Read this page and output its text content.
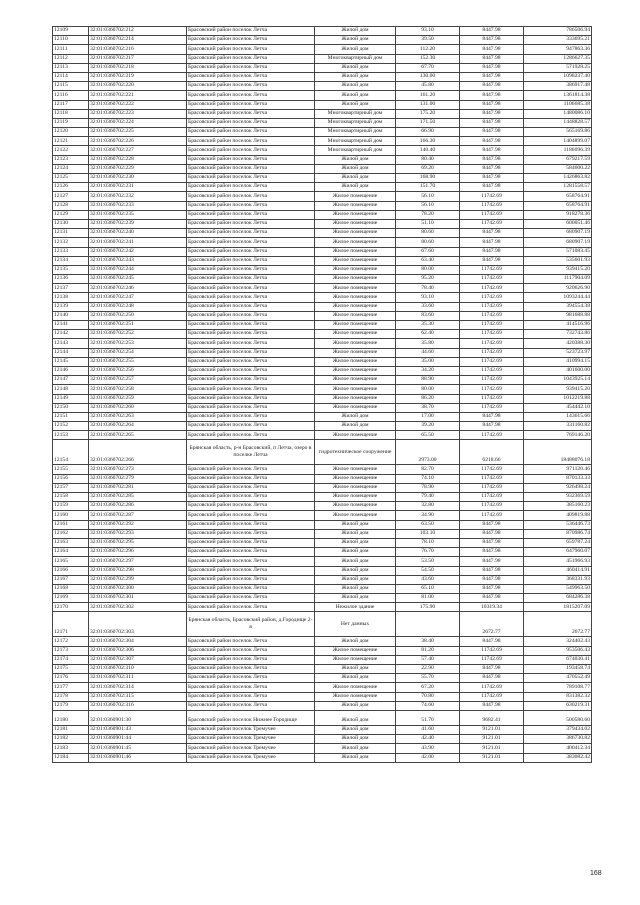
12109	32:01:0360702:212	Брасовский район поселок Летча	Жилой дом	93.10	8447.98	786506.94
12110	32:01:0360702:214	Брасовский район поселок Летча	Жилой дом	39.50	8447.98	333695.21
12111	32:01:0360702:216	Брасовский район поселок Летча	Жилой дом	112.20	8447.98	947863.36
12112	32:01:0360702:217	Брасовский район поселок Летча	Многоквартирный дом	152.30	8447.98	1286627.35
12113	32:01:0360702:218	Брасовский район поселок Летча	Жилой дом	67.70	8447.98	571928.25
12114	32:01:0360702:219	Брасовский район поселок Летча	Жилой дом	130.00	8447.98	1098237.40
12115	32:01:0360702:220	Брасовский район поселок Летча	Жилой дом	45.80	8447.98	386917.48
12116	32:01:0360702:221	Брасовский район поселок Летча	Жилой дом	161.20	8447.98	1361814.38
12117	32:01:0360702:222	Брасовский район поселок Летча	Жилой дом	131.00	8447.98	1106685.38
12118	32:01:0360702:223	Брасовский район поселок Летча	Многоквартирный дом	175.20	8447.98	1480086.10
12119	32:01:0360702:224	Брасовский район поселок Летча	Многоквартирный дом	171.50	8447.98	1448828.57
12120	32:01:0360702:225	Брасовский район поселок Летча	Многоквартирный дом	66.90	8447.98	565169.86
12121	32:01:0360702:226	Брасовский район поселок Летча	Многоквартирный дом	166.30	8447.98	1404899.07
12122	32:01:0360702:227	Брасовский район поселок Летча	Многоквартирный дом	140.40	8447.98	1186096.39
12123	32:01:0360702:228	Брасовский район поселок Летча	Жилой дом	80.40	8447.98	679217.59
12124	32:01:0360702:229	Брасовский район поселок Летча	Жилой дом	69.20	8447.98	584600.22
12125	32:01:0360702:230	Брасовский район поселок Летча	Жилой дом	168.90	8447.98	1426863.82
12126	32:01:0360702:231	Брасовский район поселок Летча	Жилой дом	151.70	8447.98	1281558.57
12127	32:01:0360702:232	Брасовский район поселок Летча	Жилое помещение	56.10	11742.69	658764.91
12128	32:01:0360702:233	Брасовский район поселок Летча	Жилое помещение	56.10	11742.69	658764.91
12129	32:01:0360702:235	Брасовский район поселок Летча	Жилое помещение	78.20	11742.69	918278.36
12130	32:01:0360702:239	Брасовский район поселок Летча	Жилое помещение	51.10	11742.69	600051.46
12131	32:01:0360702:240	Брасовский район поселок Летча	Жилое помещение	80.60	8447.98	680907.19
12132	32:01:0360702:241	Брасовский район поселок Летча	Жилое помещение	80.60	8447.98	680907.19
12133	32:01:0360702:242	Брасовский район поселок Летча	Жилое помещение	67.60	8447.98	571083.45
12134	32:01:0360702:243	Брасовский район поселок Летча	Жилое помещение	63.40	8447.98	535601.93
12135	32:01:0360702:244	Брасовский район поселок Летча	Жилое помещение	80.00	11742.69	939415.20
12136	32:01:0360702:245	Брасовский район поселок Летча	Жилое помещение	95.20	11742.69	1117904.09
12137	32:01:0360702:246	Брасовский район поселок Летча	Жилое помещение	78.40	11742.69	920626.90
12138	32:01:0360702:247	Брасовский район поселок Летча	Жилое помещение	93.10	11742.69	1093244.44
12139	32:01:0360702:248	Брасовский район поселок Летча	Жилое помещение	33.60	11742.69	394554.38
12140	32:01:0360702:250	Брасовский район поселок Летча	Жилое помещение	83.60	11742.69	981688.88
12141	32:01:0360702:251	Брасовский район поселок Летча	Жилое помещение	35.30	11742.69	414516.96
12142	32:01:0360702:252	Брасовский район поселок Летча	Жилое помещение	62.40	11742.69	732743.86
12143	32:01:0360702:253	Брасовский район поселок Летча	Жилое помещение	35.80	11742.69	420388.30
12144	32:01:0360702:254	Брасовский район поселок Летча	Жилое помещение	44.60	11742.69	523723.97
12145	32:01:0360702:255	Брасовский район поселок Летча	Жилое помещение	35.00	11742.69	410994.15
12146	32:01:0360702:256	Брасовский район поселок Летча	Жилое помещение	34.20	11742.69	401600.00
12147	32:01:0360702:257	Брасовский район поселок Летча	Жилое помещение	88.90	11742.69	1043925.14
12148	32:01:0360702:258	Брасовский район поселок Летча	Жилое помещение	80.00	11742.69	939415.20
12149	32:01:0360702:259	Брасовский район поселок Летча	Жилое помещение	86.20	11742.69	1012219.88
12150	32:01:0360702:260	Брасовский район поселок Летча	Жилое помещение	38.70	11742.69	454442.10
12151	32:01:0360702:263	Брасовский район поселок Летча	Жилой дом	17.00	8447.98	143615.66
12152	32:01:0360702:264	Брасовский район поселок Летча	Жилой дом	39.20	8447.98	331160.82
12153	32:01:0360702:265	Брасовский район поселок Летча	Жилое помещение	65.50	11742.69	769146.20
12154	32:01:0360702:266	Брянская область, р-н Брасовский, п Летча, озеро в поселке Летча	гидротехническое сооружение	2973.00	6218.66	18488076.18
12155	32:01:0360702:273	Брасовский район поселок Летча	Жилое помещение	82.70	11742.69	971120.46
12156	32:01:0360702:279	Брасовский район поселок Летча	Жилое помещение	74.10	11742.69	870133.33
12157	32:01:0360702:281	Брасовский район поселок Летча	Жилое помещение	78.90	11742.69	926498.24
12158	32:01:0360702:285	Брасовский район поселок Летча	Жилое помещение	79.40	11742.69	932369.59
12159	32:01:0360702:286	Брасовский район поселок Летча	Жилое помещение	32.80	11742.69	385160.23
12160	32:01:0360702:287	Брасовский район поселок Летча	Жилое помещение	34.90	11742.69	409819.88
12161	32:01:0360702:292	Брасовский район поселок Летча	Жилой дом	63.50	8447.98	536446.73
12162	32:01:0360702:293	Брасовский район поселок Летча	Жилой дом	103.10	8447.98	870986.74
12163	32:01:0360702:295	Брасовский район поселок Летча	Жилой дом	78.10	8447.98	659787.24
12164	32:01:0360702:296	Брасовский район поселок Летча	Жилой дом	76.70	8447.98	647960.07
12165	32:01:0360702:297	Брасовский район поселок Летча	Жилой дом	53.50	8447.98	451966.93
12166	32:01:0360702:298	Брасовский район поселок Летча	Жилой дом	54.50	8447.98	460414.91
12167	32:01:0360702:299	Брасовский район поселок Летча	Жилой дом	43.60	8447.98	368331.93
12168	32:01:0360702:300	Брасовский район поселок Летча	Жилой дом	65.10	8447.98	549963.50
12169	32:01:0360702:301	Брасовский район поселок Летча	Жилой дом	81.00	8447.98	684286.38
12170	32:01:0360702:302	Брасовский район поселок Летча	Нежилое здание	175.90	10319.34	1815207.09
12171	32:01:0360702:303	Брянская область, Брасовский район, д.Городище 2-я	Нет данных		2672.77	2672.77
12172	32:01:0360702:304	Брасовский район поселок Летча	Жилой дом	38.40	8447.98	324402.43
12173	32:01:0360702:306	Брасовский район поселок Летча	Жилое помещение	81.20	11742.69	953506.43
12174	32:01:0360702:307	Брасовский район поселок Летча	Жилое помещение	57.40	11742.69	674030.41
12175	32:01:0360702:310	Брасовский район поселок Летча	Жилой дом	22.90	8447.98	193458.74
12176	32:01:0360702:311	Брасовский район поселок Летча	Жилой дом	55.70	8447.98	470552.49
12177	32:01:0360702:314	Брасовский район поселок Летча	Жилое помещение	67.20	11742.69	789108.77
12178	32:01:0360702:315	Брасовский район поселок Летча	Жилое помещение	70.80	11742.69	831382.32
12179	32:01:0360702:316	Брасовский район поселок Летча	Жилой дом	74.60	8447.98	630219.31
12180	32:01:0360901:30	Брасовский район поселок Нижнее Городище	Жилой дом	51.70	9682.41	500580.60
12181	32:01:0360901:43	Брасовский район поселок Тремучее	Жилой дом	41.60	9121.01	379434.02
12182	32:01:0360901:44	Брасовский район поселок Тремучее	Жилой дом	42.40	9121.01	386730.82
12183	32:01:0360901:45	Брасовский район поселок Тремучее	Жилой дом	43.90	9121.01	400412.34
12184	32:01:0360901:46	Брасовский район поселок Тремучее	Жилой дом	42.00	9121.01	383082.42
168
